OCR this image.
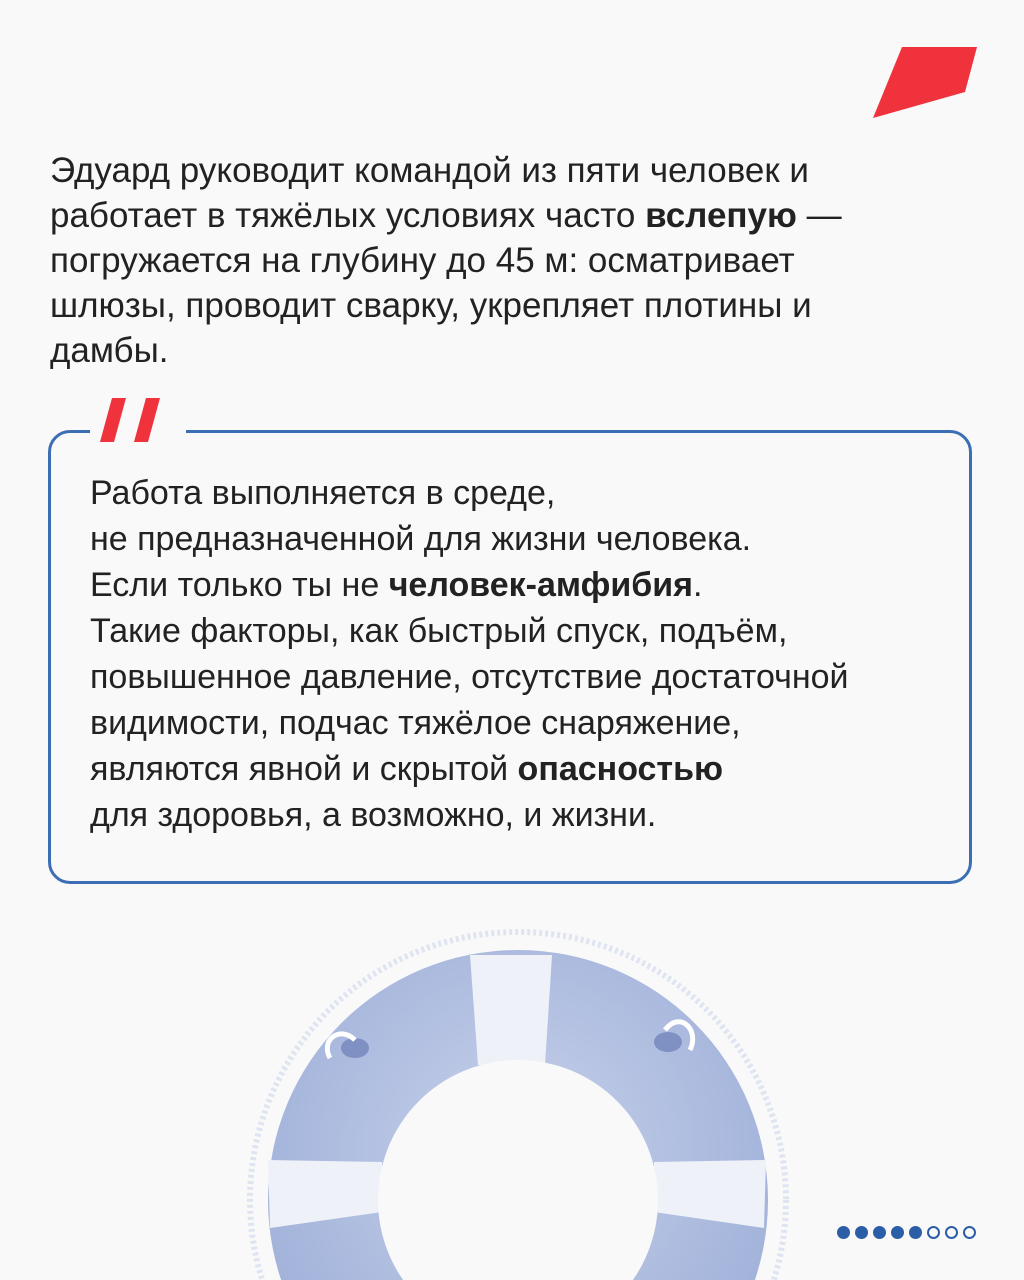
Эдуард руководит командой из пяти человек и работает в тяжёлых условиях часто вслепую — погружается на глубину до 45 м: осматривает шлюзы, проводит сварку, укрепляет плотины и дамбы.
Работа выполняется в среде,
не предназначенной для жизни человека.
Если только ты не человек-амфибия.
Такие факторы, как быстрый спуск, подъём,
повышенное давление, отсутствие достаточной
видимости, подчас тяжёлое снаряжение,
являются явной и скрытой опасностью
для здоровья, а возможно, и жизни.
